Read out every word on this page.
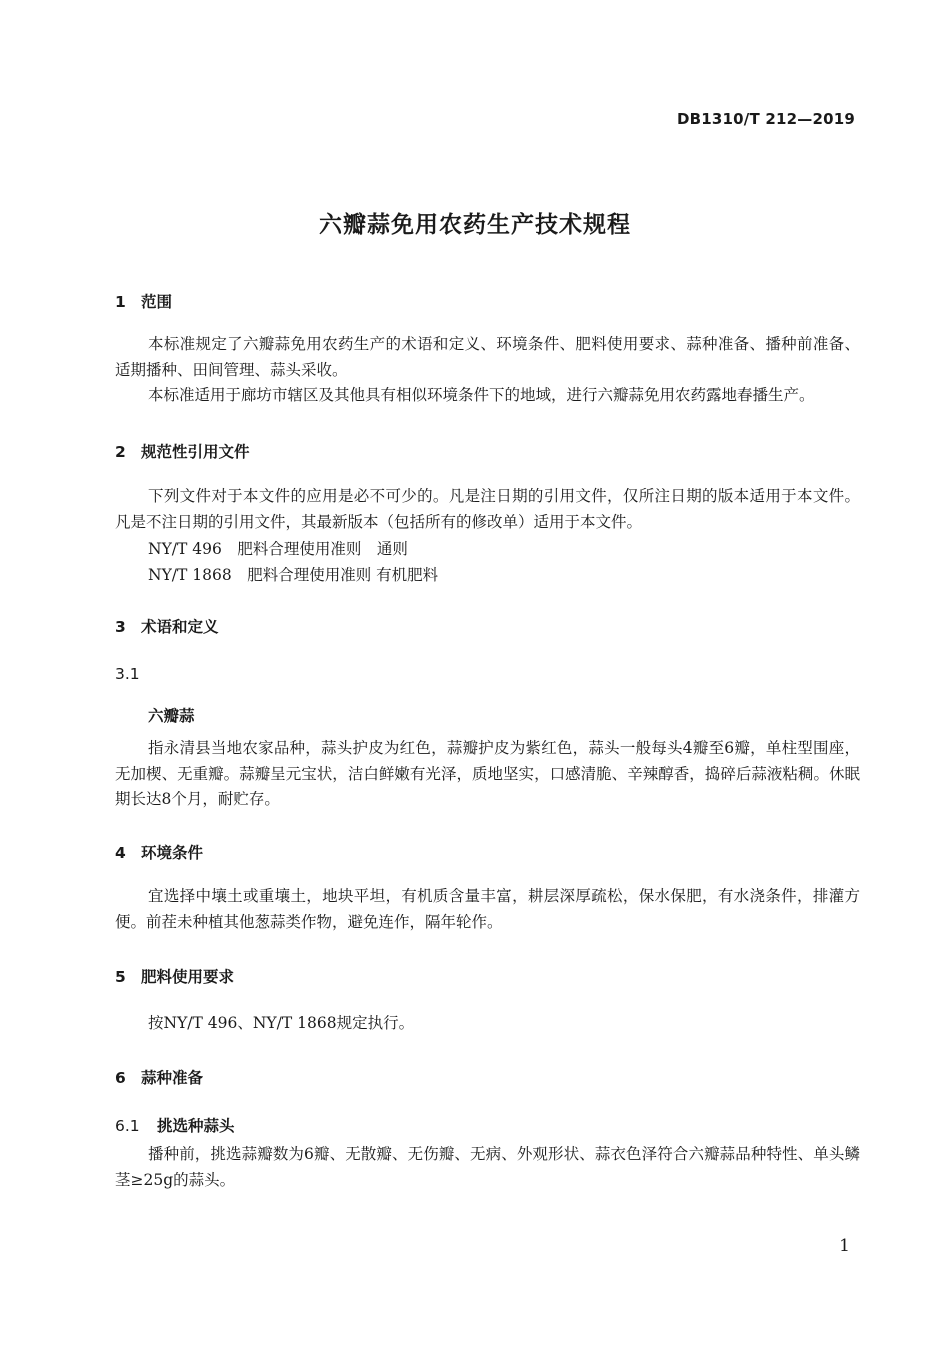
DB1310/T 212—2019
六瓣蒜免用农药生产技术规程
1 范围
本标准规定了六瓣蒜免用农药生产的术语和定义、环境条件、肥料使用要求、蒜种准备、播种前准备、适期播种、田间管理、蒜头采收。
本标准适用于廊坊市辖区及其他具有相似环境条件下的地域，进行六瓣蒜免用农药露地春播生产。
2 规范性引用文件
下列文件对于本文件的应用是必不可少的。凡是注日期的引用文件，仅所注日期的版本适用于本文件。凡是不注日期的引用文件，其最新版本（包括所有的修改单）适用于本文件。
NY/T 496　肥料合理使用准则　通则
NY/T 1868　肥料合理使用准则 有机肥料
3 术语和定义
3.1
六瓣蒜
指永清县当地农家品种，蒜头护皮为红色，蒜瓣护皮为紫红色，蒜头一般每头4瓣至6瓣，单柱型围座，无加楔、无重瓣。蒜瓣呈元宝状，洁白鲜嫩有光泽，质地坚实，口感清脆、辛辣醇香，捣碎后蒜液粘稠。休眠期长达8个月，耐贮存。
4 环境条件
宜选择中壤土或重壤土，地块平坦，有机质含量丰富，耕层深厚疏松，保水保肥，有水浇条件，排灌方便。前茬未种植其他葱蒜类作物，避免连作，隔年轮作。
5 肥料使用要求
按NY/T 496、NY/T 1868规定执行。
6 蒜种准备
6.1 挑选种蒜头
播种前，挑选蒜瓣数为6瓣、无散瓣、无伤瓣、无病、外观形状、蒜衣色泽符合六瓣蒜品种特性、单头鳞茎≥25g的蒜头。
1
